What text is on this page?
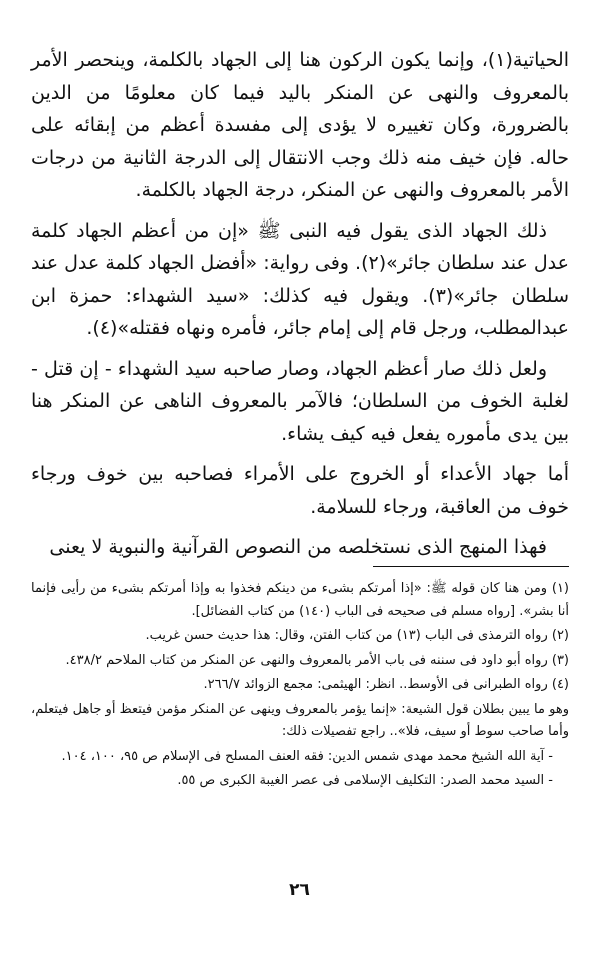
الحياتية(١)، وإنما يكون الركون هنا إلى الجهاد بالكلمة، وينحصر الأمر بالمعروف والنهى عن المنكر باليد فيما كان معلومًا من الدين بالضرورة، وكان تغييره لا يؤدى إلى مفسدة أعظم من إبقائه على حاله. فإن خيف منه ذلك وجب الانتقال إلى الدرجة الثانية من درجات الأمر بالمعروف والنهى عن المنكر، درجة الجهاد بالكلمة.

ذلك الجهاد الذى يقول فيه النبى ﷺ «إن من أعظم الجهاد كلمة عدل عند سلطان جائر»(٢). وفى رواية: «أفضل الجهاد كلمة عدل عند سلطان جائر»(٣). ويقول فيه كذلك: «سيد الشهداء: حمزة ابن عبدالمطلب، ورجل قام إلى إمام جائر، فأمره ونهاه فقتله»(٤).

ولعل ذلك صار أعظم الجهاد، وصار صاحبه سيد الشهداء - إن قتل - لغلبة الخوف من السلطان؛ فالآمر بالمعروف الناهى عن المنكر هنا بين يدى مأموره يفعل فيه كيف يشاء.

أما جهاد الأعداء أو الخروج على الأمراء فصاحبه بين خوف ورجاء خوف من العاقبة، ورجاء للسلامة.

فهذا المنهج الذى نستخلصه من النصوص القرآنية والنبوية لا يعنى

(١) ومن هنا كان قوله ﷺ: «إذا أمرتكم بشىء من دينكم فخذوا به وإذا أمرتكم بشىء من رأيى فإنما أنا بشر». [رواه مسلم فى صحيحه فى الباب (١٤٠) من كتاب الفضائل].

(٢) رواه الترمذى فى الباب (١٣) من كتاب الفتن، وقال: هذا حديث حسن غريب.

(٣) رواه أبو داود فى سننه فى باب الأمر بالمعروف والنهى عن المنكر من كتاب الملاحم ٤٣٨/٢.

(٤) رواه الطبرانى فى الأوسط.. انظر: الهيثمى: مجمع الزوائد ٢٦٦/٧.

وهو ما يبين بطلان قول الشيعة: «إنما يؤمر بالمعروف وينهى عن المنكر مؤمن فيتعظ أو جاهل فيتعلم، وأما صاحب سوط أو سيف، فلا».. راجع تفصيلات ذلك:

- آية الله الشيخ محمد مهدى شمس الدين: فقه العنف المسلح فى الإسلام ص ٩٥، ١٠٠، ١٠٤.

- السيد محمد الصدر: التكليف الإسلامى فى عصر الغيبة الكبرى ص ٥٥.

٢٦
